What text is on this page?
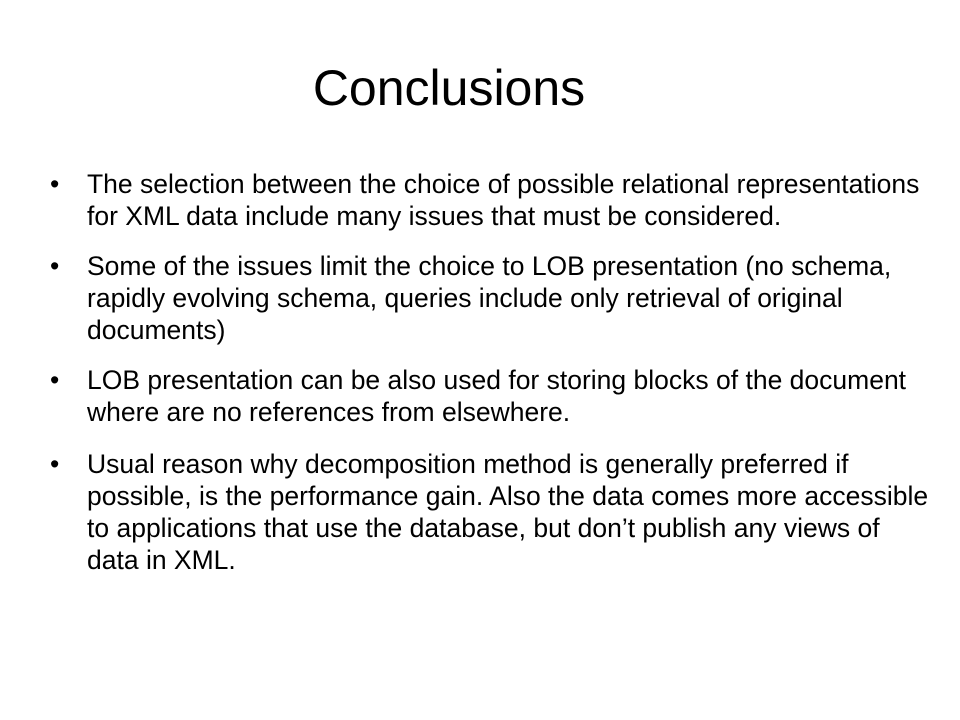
Conclusions
•	The selection between the choice of possible relational representations for XML data include many issues that must be considered.
•	Some of the issues limit the choice to LOB presentation (no schema, rapidly evolving schema, queries include only retrieval of original documents)
•	LOB presentation can be also used for storing blocks of the document where are no references from elsewhere.
•	Usual reason why decomposition method is generally preferred if possible, is the performance gain. Also the data comes more accessible to applications that use the database, but don’t publish any views of data in XML.
